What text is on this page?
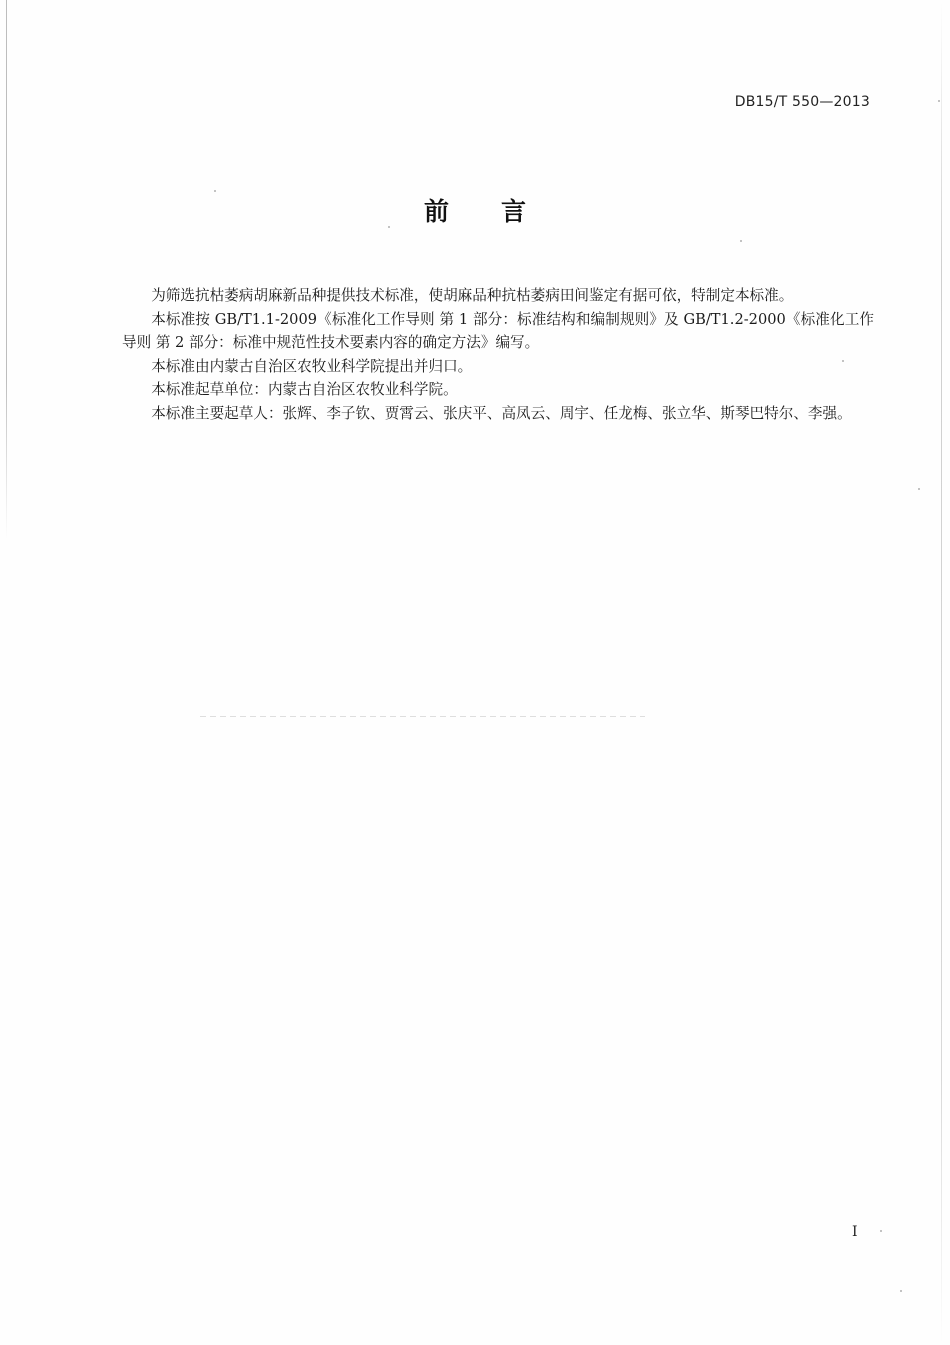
DB15/T 550—2013
前 言

为筛选抗枯萎病胡麻新品种提供技术标准，使胡麻品种抗枯萎病田间鉴定有据可依，特制定本标准。

本标准按 GB/T1.1-2009《标准化工作导则 第 1 部分：标准结构和编制规则》及 GB/T1.2-2000《标准化工作导则 第 2 部分：标准中规范性技术要素内容的确定方法》编写。

本标准由内蒙古自治区农牧业科学院提出并归口。

本标准起草单位：内蒙古自治区农牧业科学院。

本标准主要起草人：张辉、李子钦、贾霄云、张庆平、高凤云、周宇、任龙梅、张立华、斯琴巴特尔、李强。

I
